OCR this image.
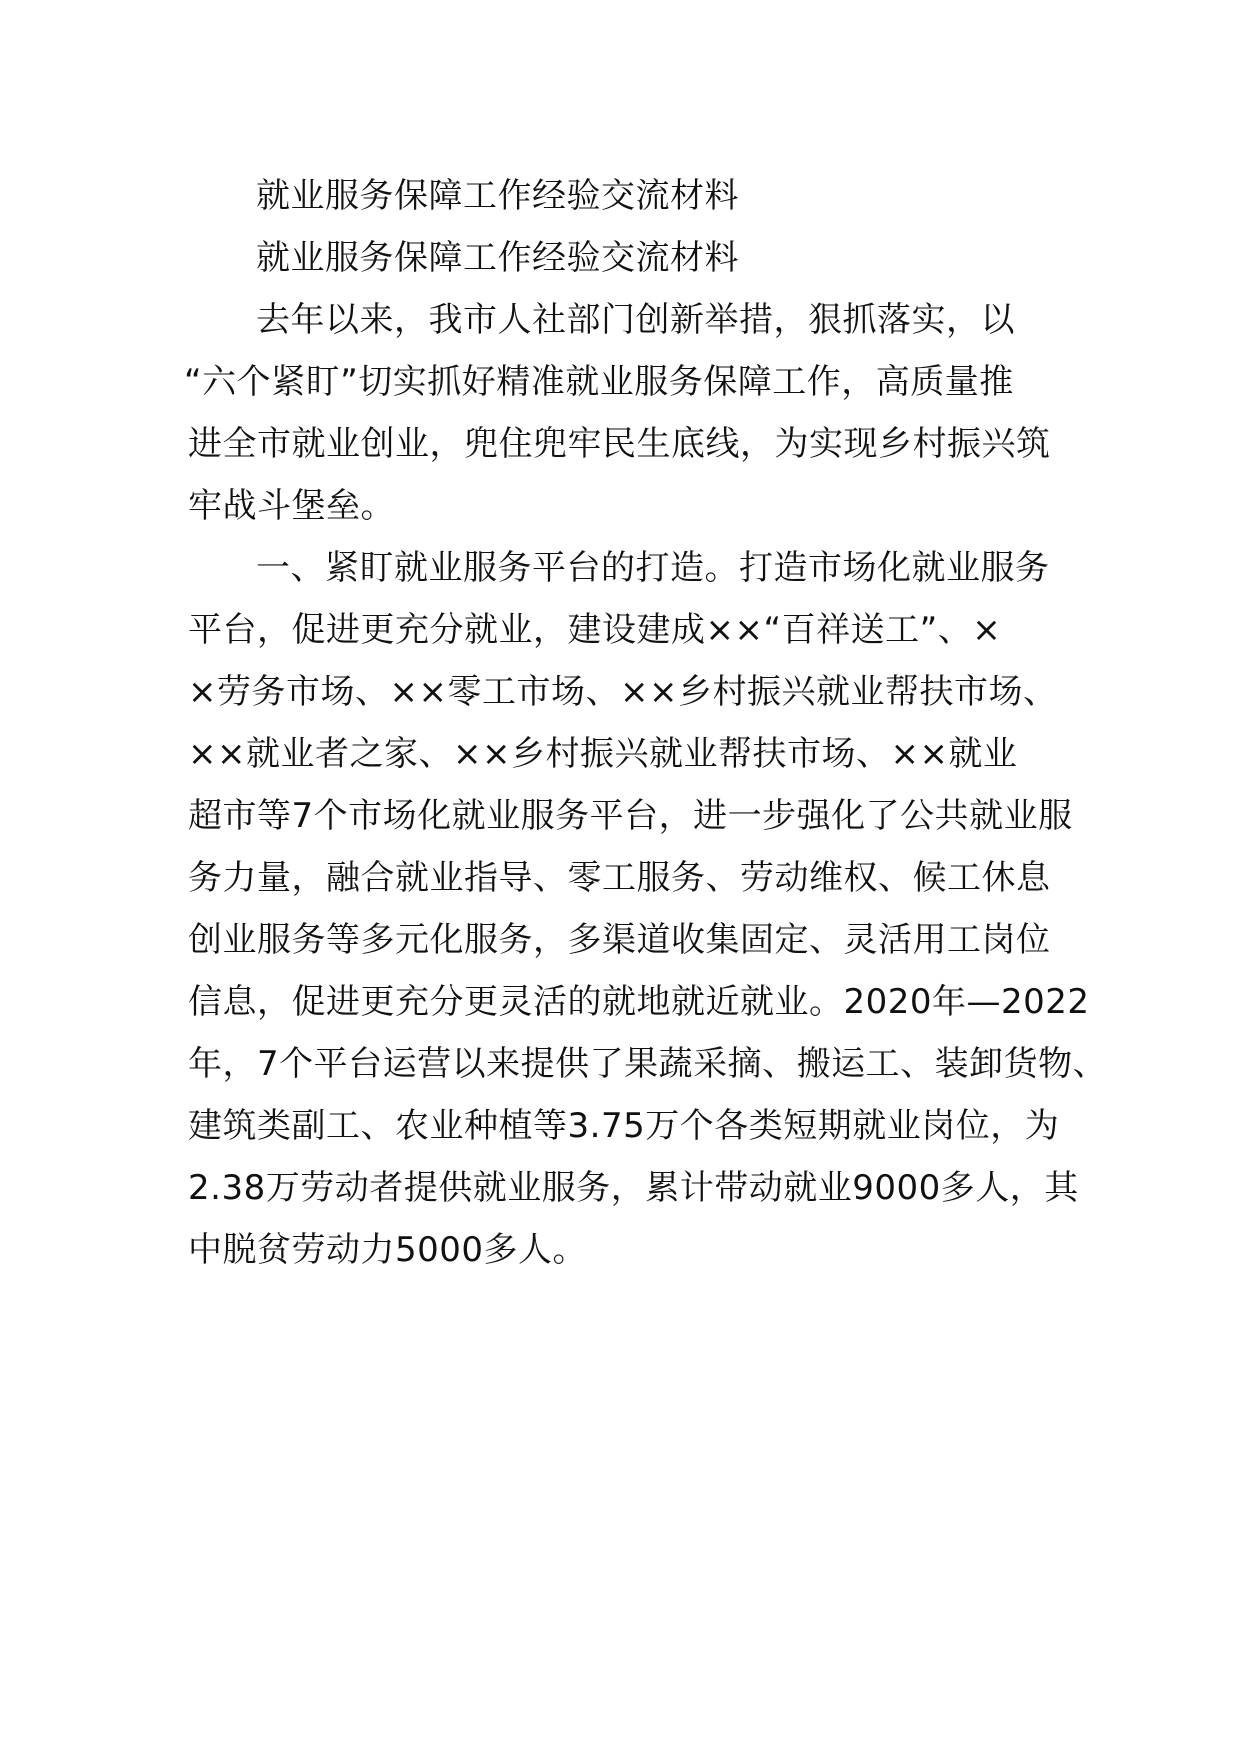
就业服务保障工作经验交流材料
就业服务保障工作经验交流材料
去年以来，我市人社部门创新举措，狠抓落实，以
“六个紧盯”切实抓好精准就业服务保障工作，高质量推
进全市就业创业，兜住兜牢民生底线，为实现乡村振兴筑
牢战斗堡垒。
一、紧盯就业服务平台的打造。打造市场化就业服务
平台，促进更充分就业，建设建成××“百祥送工”、×
×劳务市场、××零工市场、××乡村振兴就业帮扶市场、
××就业者之家、××乡村振兴就业帮扶市场、××就业
超市等7个市场化就业服务平台，进一步强化了公共就业服
务力量，融合就业指导、零工服务、劳动维权、候工休息
创业服务等多元化服务，多渠道收集固定、灵活用工岗位
信息，促进更充分更灵活的就地就近就业。2020年—2022
年，7个平台运营以来提供了果蔬采摘、搬运工、装卸货物、
建筑类副工、农业种植等3.75万个各类短期就业岗位，为
2.38万劳动者提供就业服务，累计带动就业9000多人，其
中脱贫劳动力5000多人。
